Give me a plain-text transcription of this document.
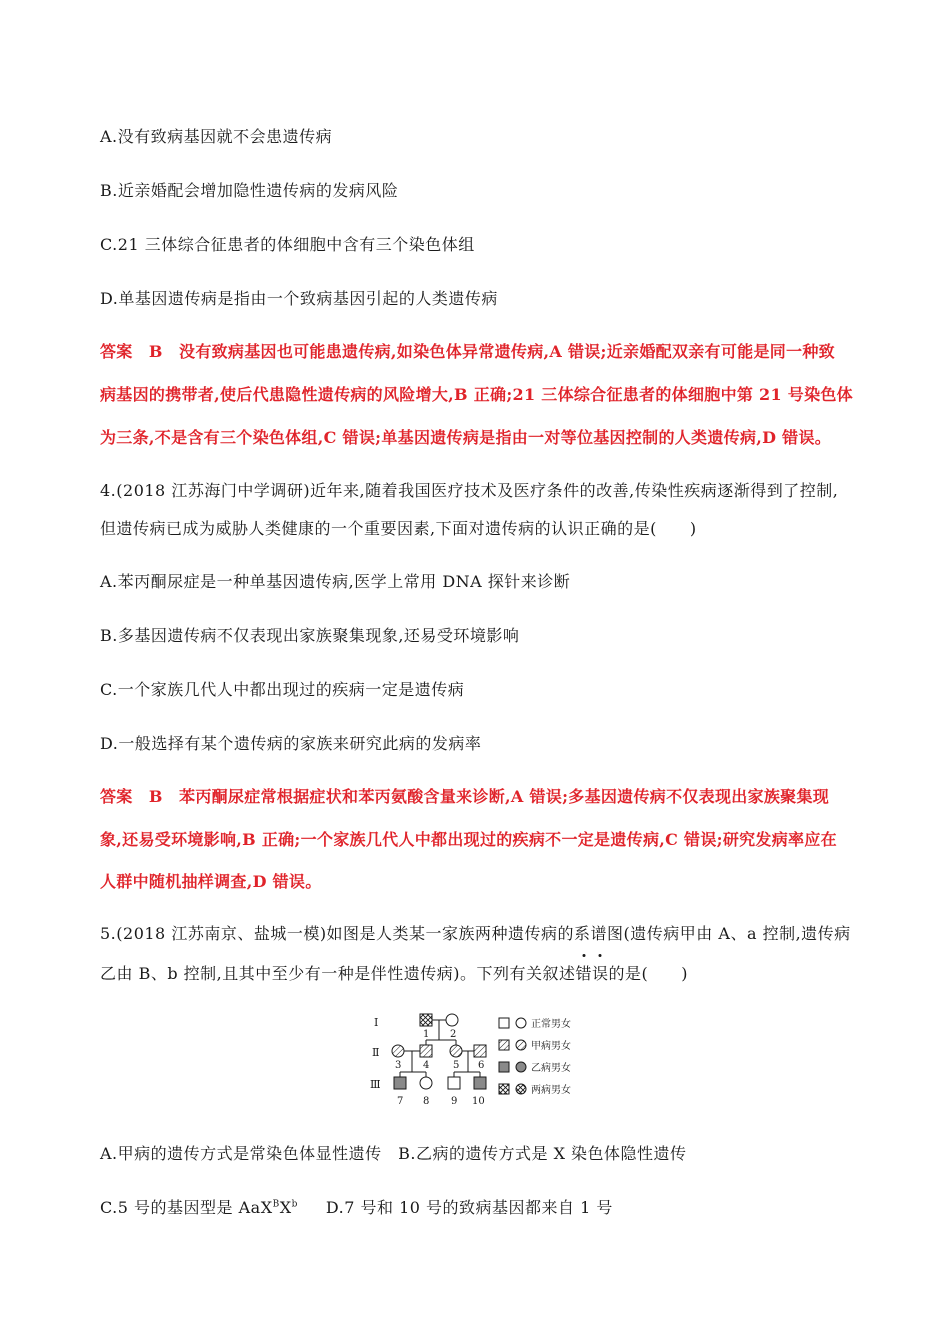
A.没有致病基因就不会患遗传病
B.近亲婚配会增加隐性遗传病的发病风险
C.21 三体综合征患者的体细胞中含有三个染色体组
D.单基因遗传病是指由一个致病基因引起的人类遗传病
答案　B　没有致病基因也可能患遗传病,如染色体异常遗传病,A 错误;近亲婚配双亲有可能是同一种致
病基因的携带者,使后代患隐性遗传病的风险增大,B 正确;21 三体综合征患者的体细胞中第 21 号染色体
为三条,不是含有三个染色体组,C 错误;单基因遗传病是指由一对等位基因控制的人类遗传病,D 错误。
4.(2018 江苏海门中学调研)近年来,随着我国医疗技术及医疗条件的改善,传染性疾病逐渐得到了控制,
但遗传病已成为威胁人类健康的一个重要因素,下面对遗传病的认识正确的是(　　)
A.苯丙酮尿症是一种单基因遗传病,医学上常用 DNA 探针来诊断
B.多基因遗传病不仅表现出家族聚集现象,还易受环境影响
C.一个家族几代人中都出现过的疾病一定是遗传病
D.一般选择有某个遗传病的家族来研究此病的发病率
答案　B　苯丙酮尿症常根据症状和苯丙氨酸含量来诊断,A 错误;多基因遗传病不仅表现出家族聚集现
象,还易受环境影响,B 正确;一个家族几代人中都出现过的疾病不一定是遗传病,C 错误;研究发病率应在
人群中随机抽样调查,D 错误。
5.(2018 江苏南京、盐城一模)如图是人类某一家族两种遗传病的系谱图(遗传病甲由 A、a 控制,遗传病
乙由 B、b 控制,且其中至少有一种是伴性遗传病)。下列有关叙述
错
误的是(　　)
Ⅰ
Ⅱ
Ⅲ
1 2
3 4 5 6
7 8 9 10
正常男女
甲病男女
乙病男女
两病男女
A.甲病的遗传方式是常染色体显性遗传　B.乙病的遗传方式是 X 染色体隐性遗传
C.5 号的基因型是 $AaX^BX^b$ D.7 号和 10 号的致病基因都来自 1 号
